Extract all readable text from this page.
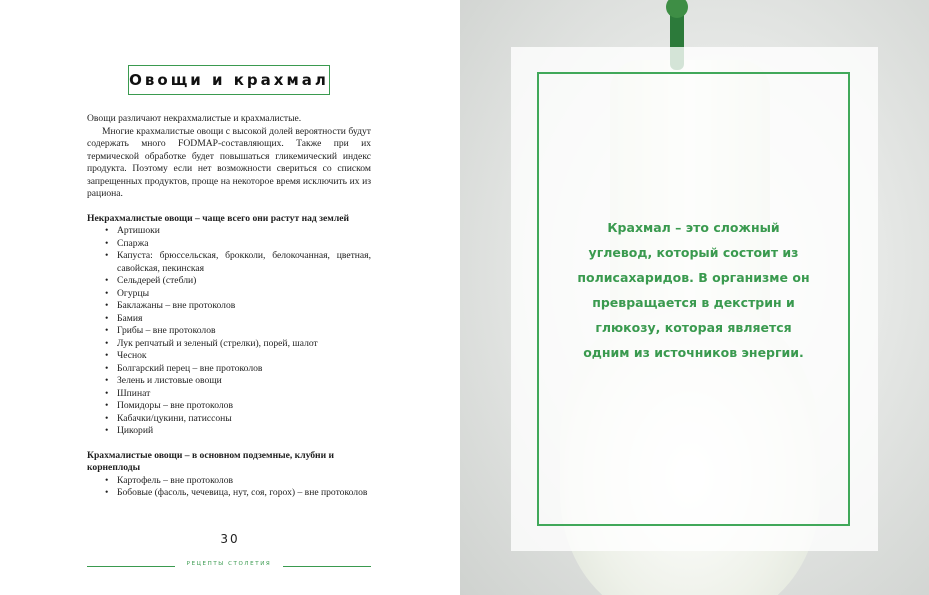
Овощи и крахмал

Овощи различают некрахмалистые и крахмалистые.

Многие крахмалистые овощи с высокой долей вероятности будут содержать много FODMAP-составляющих. Также при их термической обработке будет повышаться гликемический индекс продукта. Поэтому если нет возможности свериться со списком запрещенных продуктов, проще на некоторое время исключить их из рациона.

Некрахмалистые овощи – чаще всего они растут над землей
• Артишоки
• Спаржа
• Капуста: брюссельская, брокколи, белокочанная, цветная, савойская, пекинская
• Сельдерей (стебли)
• Огурцы
• Баклажаны – вне протоколов
• Бамия
• Грибы – вне протоколов
• Лук репчатый и зеленый (стрелки), порей, шалот
• Чеснок
• Болгарский перец – вне протоколов
• Зелень и листовые овощи
• Шпинат
• Помидоры – вне протоколов
• Кабачки/цукини, патиссоны
• Цикорий
Крахмалистые овощи – в основном подземные, клубни и корнеплоды
• Картофель – вне протоколов
• Бобовые (фасоль, чечевица, нут, соя, горох) – вне протоколов
30
РЕЦЕПТЫ СТОЛЕТИЯ
Крахмал – это сложный углевод, который состоит из полисахаридов. В организме он превращается в декстрин и глюкозу, которая является одним из источников энергии.
